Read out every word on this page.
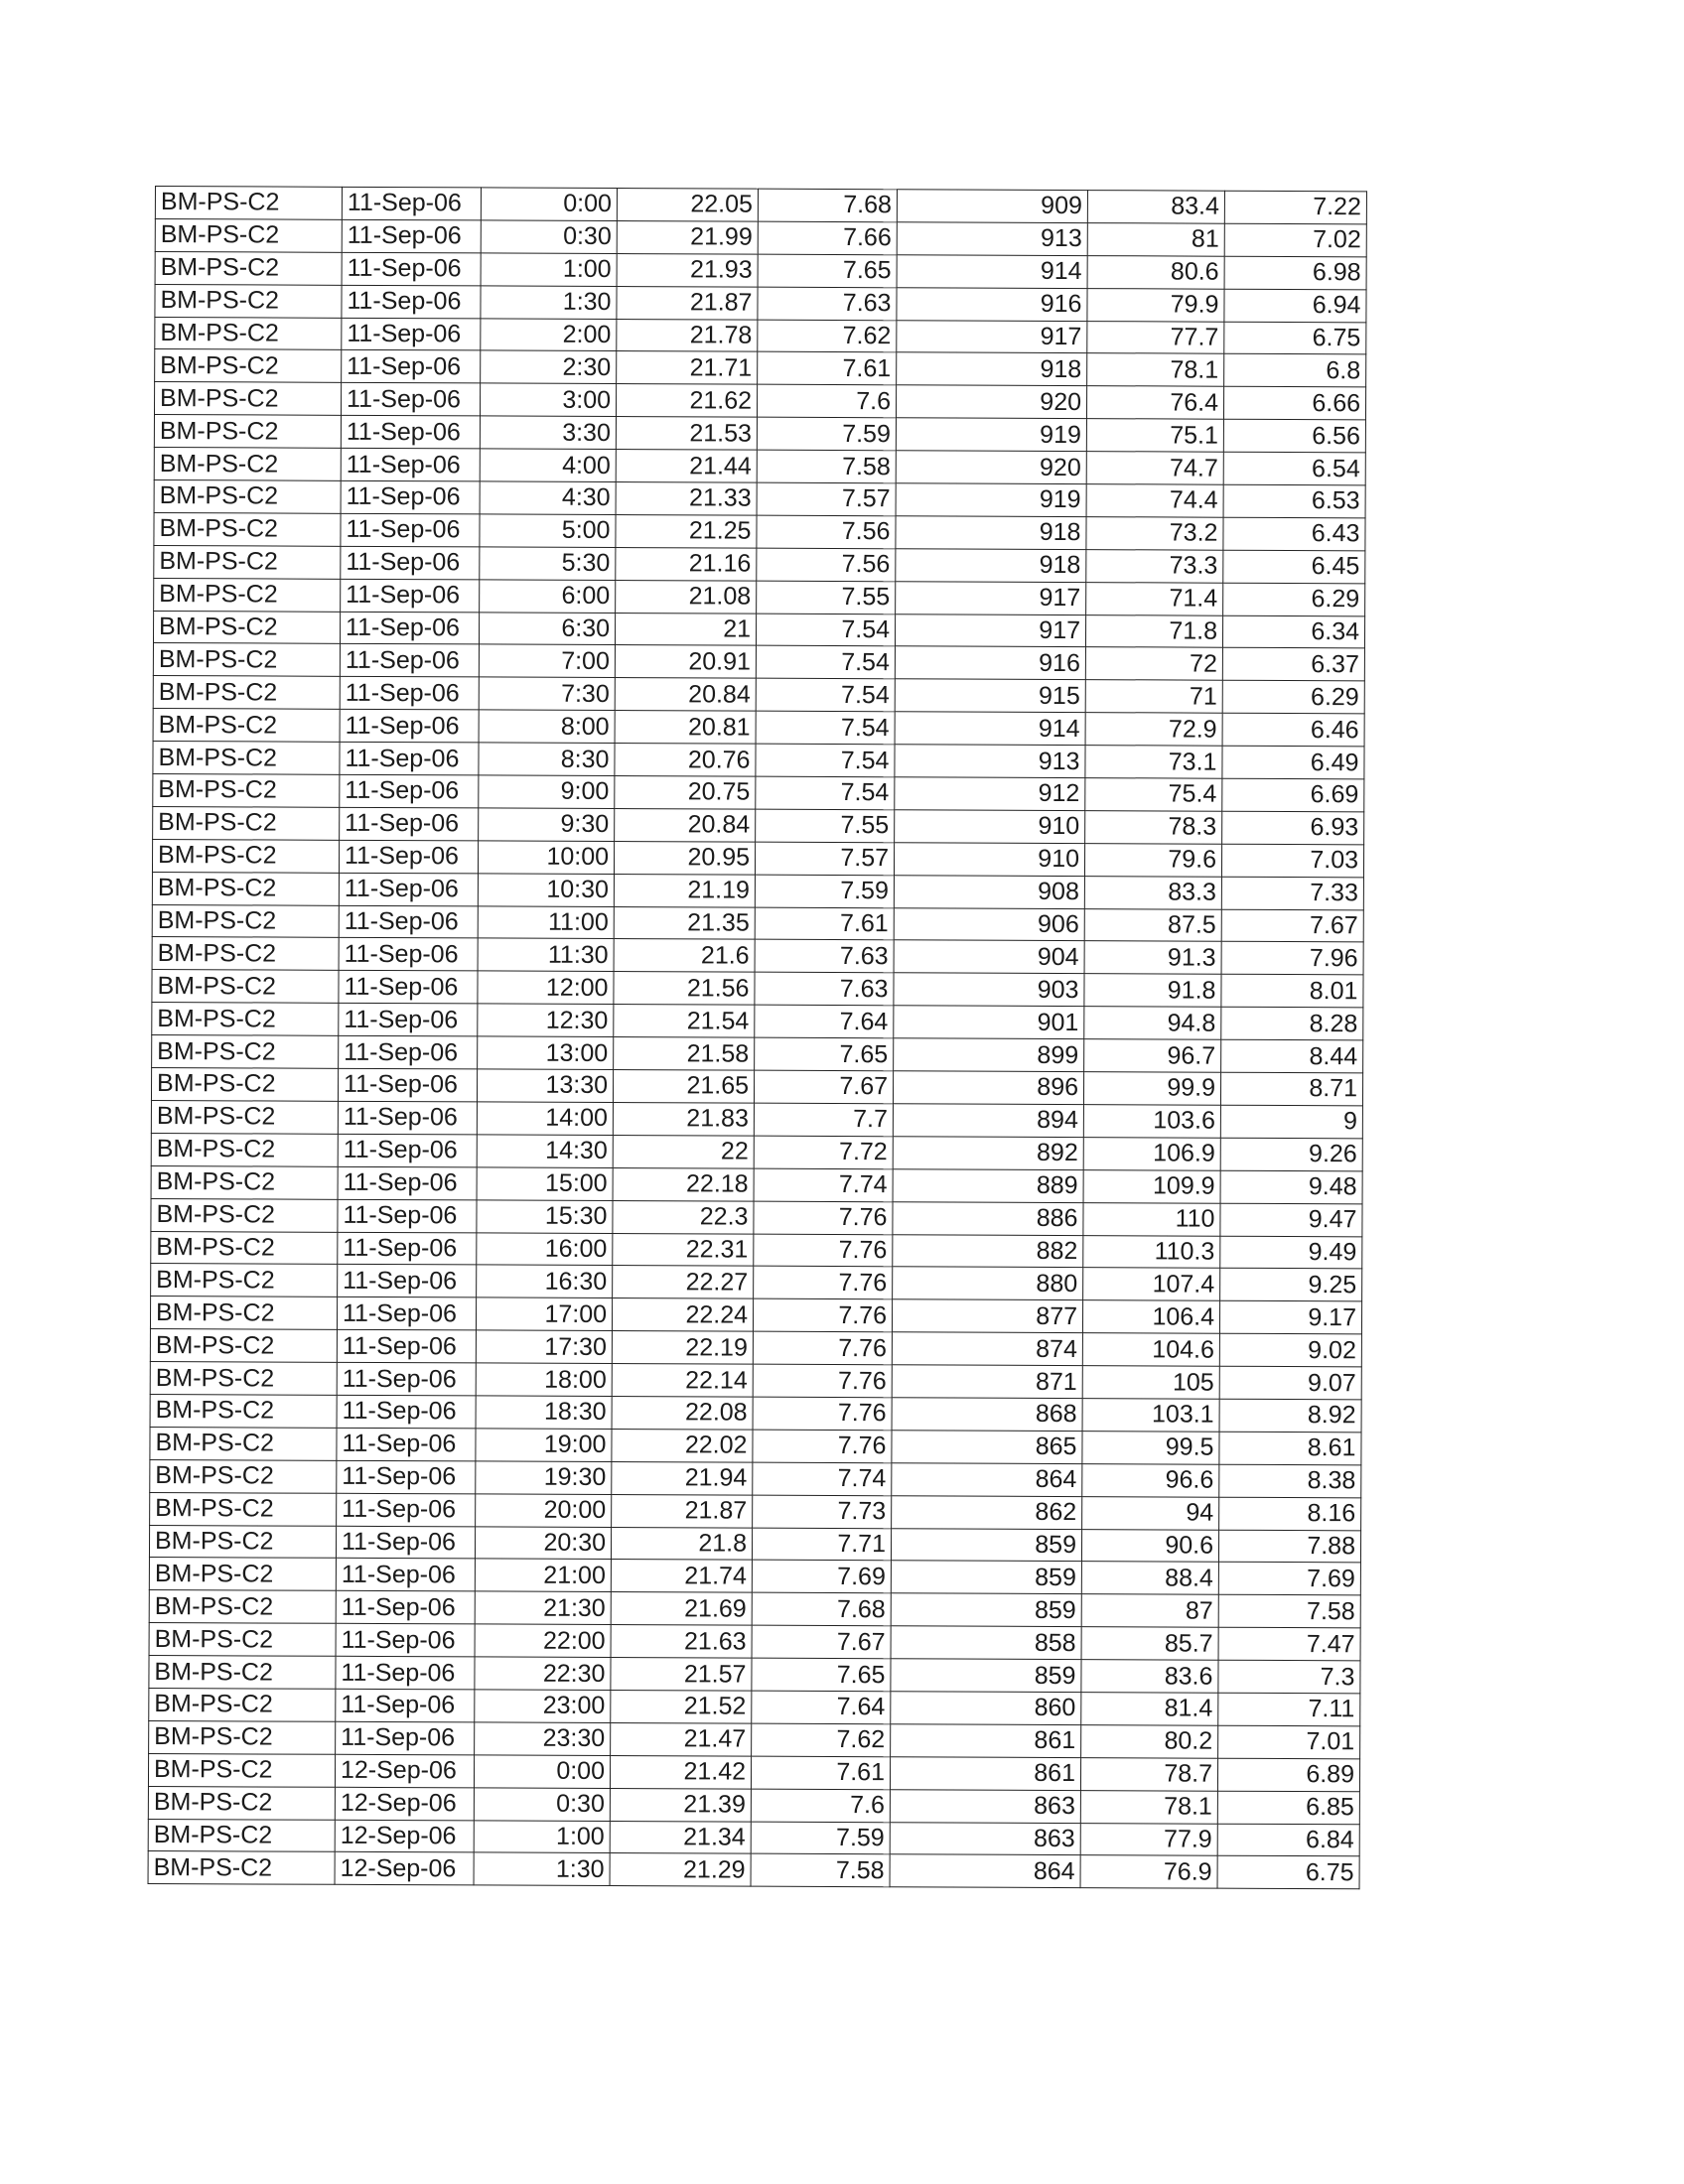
BM-PS-C2	11-Sep-06	0:00	22.05	7.68	909	83.4	7.22
BM-PS-C2	11-Sep-06	0:30	21.99	7.66	913	81	7.02
BM-PS-C2	11-Sep-06	1:00	21.93	7.65	914	80.6	6.98
BM-PS-C2	11-Sep-06	1:30	21.87	7.63	916	79.9	6.94
BM-PS-C2	11-Sep-06	2:00	21.78	7.62	917	77.7	6.75
BM-PS-C2	11-Sep-06	2:30	21.71	7.61	918	78.1	6.8
BM-PS-C2	11-Sep-06	3:00	21.62	7.6	920	76.4	6.66
BM-PS-C2	11-Sep-06	3:30	21.53	7.59	919	75.1	6.56
BM-PS-C2	11-Sep-06	4:00	21.44	7.58	920	74.7	6.54
BM-PS-C2	11-Sep-06	4:30	21.33	7.57	919	74.4	6.53
BM-PS-C2	11-Sep-06	5:00	21.25	7.56	918	73.2	6.43
BM-PS-C2	11-Sep-06	5:30	21.16	7.56	918	73.3	6.45
BM-PS-C2	11-Sep-06	6:00	21.08	7.55	917	71.4	6.29
BM-PS-C2	11-Sep-06	6:30	21	7.54	917	71.8	6.34
BM-PS-C2	11-Sep-06	7:00	20.91	7.54	916	72	6.37
BM-PS-C2	11-Sep-06	7:30	20.84	7.54	915	71	6.29
BM-PS-C2	11-Sep-06	8:00	20.81	7.54	914	72.9	6.46
BM-PS-C2	11-Sep-06	8:30	20.76	7.54	913	73.1	6.49
BM-PS-C2	11-Sep-06	9:00	20.75	7.54	912	75.4	6.69
BM-PS-C2	11-Sep-06	9:30	20.84	7.55	910	78.3	6.93
BM-PS-C2	11-Sep-06	10:00	20.95	7.57	910	79.6	7.03
BM-PS-C2	11-Sep-06	10:30	21.19	7.59	908	83.3	7.33
BM-PS-C2	11-Sep-06	11:00	21.35	7.61	906	87.5	7.67
BM-PS-C2	11-Sep-06	11:30	21.6	7.63	904	91.3	7.96
BM-PS-C2	11-Sep-06	12:00	21.56	7.63	903	91.8	8.01
BM-PS-C2	11-Sep-06	12:30	21.54	7.64	901	94.8	8.28
BM-PS-C2	11-Sep-06	13:00	21.58	7.65	899	96.7	8.44
BM-PS-C2	11-Sep-06	13:30	21.65	7.67	896	99.9	8.71
BM-PS-C2	11-Sep-06	14:00	21.83	7.7	894	103.6	9
BM-PS-C2	11-Sep-06	14:30	22	7.72	892	106.9	9.26
BM-PS-C2	11-Sep-06	15:00	22.18	7.74	889	109.9	9.48
BM-PS-C2	11-Sep-06	15:30	22.3	7.76	886	110	9.47
BM-PS-C2	11-Sep-06	16:00	22.31	7.76	882	110.3	9.49
BM-PS-C2	11-Sep-06	16:30	22.27	7.76	880	107.4	9.25
BM-PS-C2	11-Sep-06	17:00	22.24	7.76	877	106.4	9.17
BM-PS-C2	11-Sep-06	17:30	22.19	7.76	874	104.6	9.02
BM-PS-C2	11-Sep-06	18:00	22.14	7.76	871	105	9.07
BM-PS-C2	11-Sep-06	18:30	22.08	7.76	868	103.1	8.92
BM-PS-C2	11-Sep-06	19:00	22.02	7.76	865	99.5	8.61
BM-PS-C2	11-Sep-06	19:30	21.94	7.74	864	96.6	8.38
BM-PS-C2	11-Sep-06	20:00	21.87	7.73	862	94	8.16
BM-PS-C2	11-Sep-06	20:30	21.8	7.71	859	90.6	7.88
BM-PS-C2	11-Sep-06	21:00	21.74	7.69	859	88.4	7.69
BM-PS-C2	11-Sep-06	21:30	21.69	7.68	859	87	7.58
BM-PS-C2	11-Sep-06	22:00	21.63	7.67	858	85.7	7.47
BM-PS-C2	11-Sep-06	22:30	21.57	7.65	859	83.6	7.3
BM-PS-C2	11-Sep-06	23:00	21.52	7.64	860	81.4	7.11
BM-PS-C2	11-Sep-06	23:30	21.47	7.62	861	80.2	7.01
BM-PS-C2	12-Sep-06	0:00	21.42	7.61	861	78.7	6.89
BM-PS-C2	12-Sep-06	0:30	21.39	7.6	863	78.1	6.85
BM-PS-C2	12-Sep-06	1:00	21.34	7.59	863	77.9	6.84
BM-PS-C2	12-Sep-06	1:30	21.29	7.58	864	76.9	6.75
